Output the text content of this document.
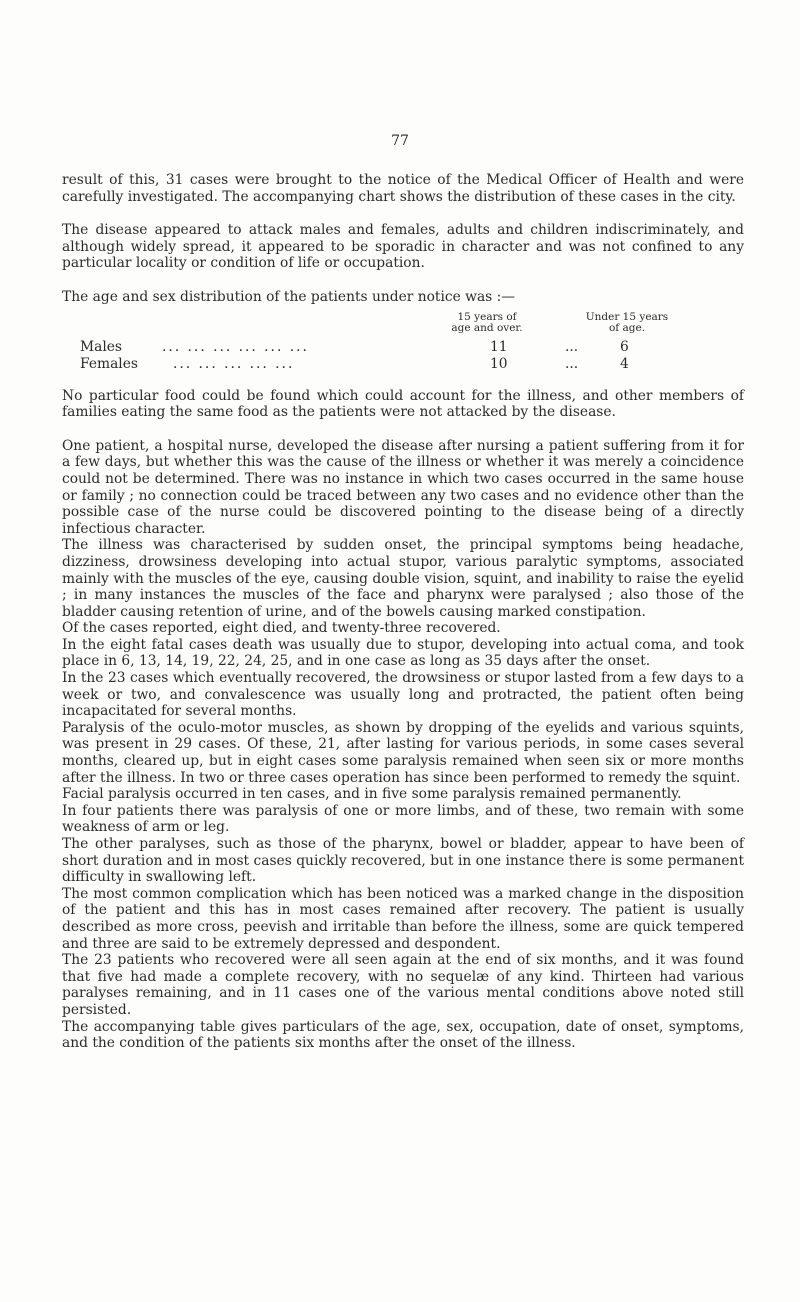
77

result of this, 31 cases were brought to the notice of the Medical Officer of Health and were carefully investigated. The accompanying chart shows the distribution of these cases in the city.

The disease appeared to attack males and females, adults and children indiscriminately, and although widely spread, it appeared to be sporadic in character and was not confined to any particular locality or condition of life or occupation.

The age and sex distribution of the patients under notice was :—

15 years of
age and over.
Under 15 years
of age.
Males	... ... ... ... ... ...	11	...	6
Females	... ... ... ... ...	10	...	4

No particular food could be found which could account for the illness, and other members of families eating the same food as the patients were not attacked by the disease.

One patient, a hospital nurse, developed the disease after nursing a patient suffering from it for a few days, but whether this was the cause of the illness or whether it was merely a coincidence could not be determined. There was no instance in which two cases occurred in the same house or family ; no connection could be traced between any two cases and no evidence other than the possible case of the nurse could be discovered pointing to the disease being of a directly infectious character.

The illness was characterised by sudden onset, the principal symptoms being headache, dizziness, drowsiness developing into actual stupor, various paralytic symptoms, associated mainly with the muscles of the eye, causing double vision, squint, and inability to raise the eyelid ; in many instances the muscles of the face and pharynx were paralysed ; also those of the bladder causing retention of urine, and of the bowels causing marked constipation.

Of the cases reported, eight died, and twenty-three recovered.

In the eight fatal cases death was usually due to stupor, developing into actual coma, and took place in 6, 13, 14, 19, 22, 24, 25, and in one case as long as 35 days after the onset.

In the 23 cases which eventually recovered, the drowsiness or stupor lasted from a few days to a week or two, and convalescence was usually long and protracted, the patient often being incapacitated for several months.

Paralysis of the oculo-motor muscles, as shown by dropping of the eyelids and various squints, was present in 29 cases. Of these, 21, after lasting for various periods, in some cases several months, cleared up, but in eight cases some paralysis remained when seen six or more months after the illness. In two or three cases operation has since been performed to remedy the squint.

Facial paralysis occurred in ten cases, and in five some paralysis remained permanently.

In four patients there was paralysis of one or more limbs, and of these, two remain with some weakness of arm or leg.

The other paralyses, such as those of the pharynx, bowel or bladder, appear to have been of short duration and in most cases quickly recovered, but in one instance there is some permanent difficulty in swallowing left.

The most common complication which has been noticed was a marked change in the disposition of the patient and this has in most cases remained after recovery. The patient is usually described as more cross, peevish and irritable than before the illness, some are quick tempered and three are said to be extremely depressed and despondent.

The 23 patients who recovered were all seen again at the end of six months, and it was found that five had made a complete recovery, with no sequelæ of any kind. Thirteen had various paralyses remaining, and in 11 cases one of the various mental conditions above noted still persisted.

The accompanying table gives particulars of the age, sex, occupation, date of onset, symptoms, and the condition of the patients six months after the onset of the illness.
